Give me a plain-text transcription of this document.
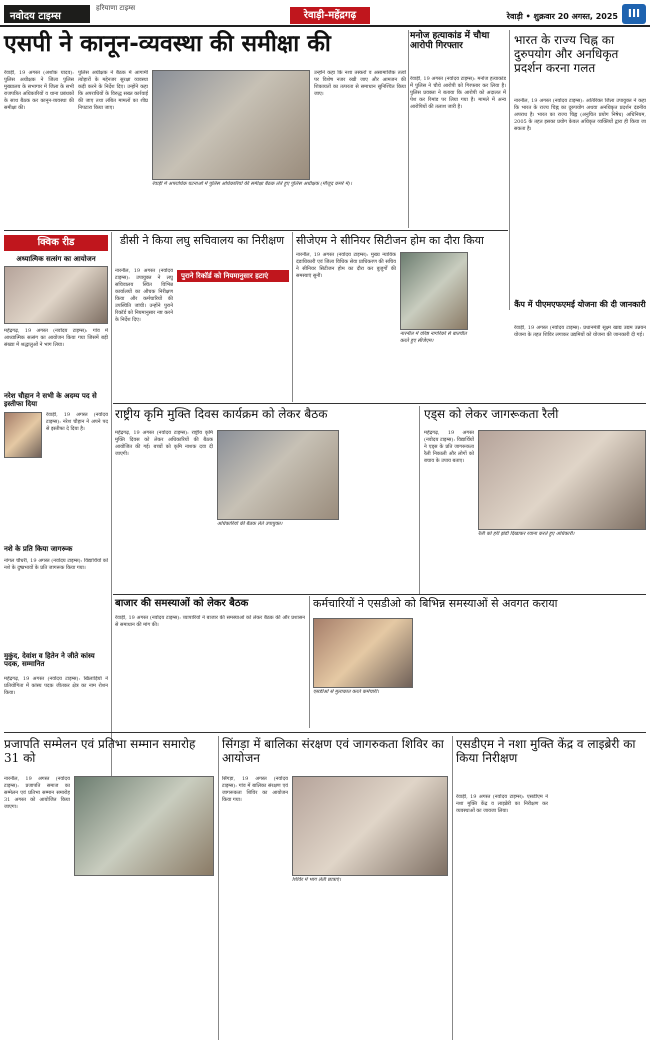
नवोदय टाइम्स
हरियाणा टाइम्स
रेवाड़ी-महेंद्रगढ़	रेवाड़ी • शुक्रवार 20 अगस्त, 2025 III
एसपी ने कानून-व्यवस्था की समीक्षा की
रेवाड़ी, 19 अगस्त (अशोक यादव): पुलिस अधीक्षक ने जिला पुलिस मुख्यालय के सभागार में जिला के सभी राजपत्रित अधिकारियों व थाना प्रबंधकों के साथ बैठक कर कानून-व्यवस्था की समीक्षा की।
पुलिस अधीक्षक ने बैठक में आगामी त्योहारों के मद्देनजर सुरक्षा व्यवस्था कड़ी करने के निर्देश दिए। उन्होंने कहा कि अपराधियों के विरुद्ध सख्त कार्रवाई की जाए तथा लंबित मामलों का शीघ्र निपटारा किया जाए।
रेवाड़ी में अपराधिक घटनाओं में पुलिस अधिकारियों की समीक्षा बैठक लेते हुए पुलिस अधीक्षक (मौजूद कमरे में)।
उन्होंने कहा कि नशा तस्करों व असामाजिक तत्वों पर विशेष नजर रखी जाए और आमजन की शिकायतों का तत्परता से समाधान सुनिश्चित किया जाए।
मनोज हत्याकांड में चौथा आरोपी गिरफ्तार
रेवाड़ी, 19 अगस्त (नवोदय टाइम्स): मनोज हत्याकांड में पुलिस ने चौथे आरोपी को गिरफ्तार कर लिया है। पुलिस प्रवक्ता ने बताया कि आरोपी को अदालत में पेश कर रिमांड पर लिया गया है। मामले में अन्य आरोपियों की तलाश जारी है।
भारत के राज्य चिह्न का दुरुपयोग और अनधिकृत प्रदर्शन करना गलत
नारनौल, 19 अगस्त (नवोदय टाइम्स): अतिरिक्त जिला उपायुक्त ने कहा कि भारत के राज्य चिह्न का दुरुपयोग अथवा अनधिकृत प्रदर्शन दंडनीय अपराध है। भारत का राज्य चिह्न (अनुचित प्रयोग निषेध) अधिनियम, 2005 के तहत इसका प्रयोग केवल अधिकृत व्यक्तियों द्वारा ही किया जा सकता है।
क्विक रीड
अध्यात्मिक सत्संग का आयोजन
महेंद्रगढ़, 19 अगस्त (नवोदय टाइम्स): गांव में आध्यात्मिक सत्संग का आयोजन किया गया जिसमें बड़ी संख्या में श्रद्धालुओं ने भाग लिया।
नरेश चौहान ने सभी के अदम्य पद से इस्तीफा दिया
रेवाड़ी, 19 अगस्त (नवोदय टाइम्स): नरेश चौहान ने अपने पद से इस्तीफा दे दिया है।
नशे के प्रति किया जागरूक
नांगल चौधरी, 19 अगस्त (नवोदय टाइम्स): विद्यार्थियों को नशे के दुष्प्रभावों के प्रति जागरूक किया गया।
मुकुंद, देवांश व हितेन ने जीते कांस्य पदक, सम्मानित
महेंद्रगढ़, 19 अगस्त (नवोदय टाइम्स): खिलाड़ियों ने प्रतियोगिता में कांस्य पदक जीतकर क्षेत्र का नाम रोशन किया।
डीसी ने किया लघु सचिवालय का निरीक्षण
नारनौल, 19 अगस्त (नवोदय टाइम्स): उपायुक्त ने लघु सचिवालय स्थित विभिन्न कार्यालयों का औचक निरीक्षण किया और कर्मचारियों की उपस्थिति जांची। उन्होंने पुराने रिकॉर्ड को नियमानुसार नष्ट करने के निर्देश दिए।
पुराने रिकॉर्ड को नियमानुसार हटाएं
सीजेएम ने सीनियर सिटीजन होम का दौरा किया
नारनौल, 19 अगस्त (नवोदय टाइम्स): मुख्य न्यायिक दंडाधिकारी एवं जिला विधिक सेवा प्राधिकरण की सचिव ने सीनियर सिटीजन होम का दौरा कर बुजुर्गों की समस्याएं सुनीं।
नारनौल में वरिष्ठ नागरिकों से बातचीत करते हुए सीजेएम।
कैंप में पीएमएफएमई योजना की दी जानकारी
रेवाड़ी, 19 अगस्त (नवोदय टाइम्स): प्रधानमंत्री सूक्ष्म खाद्य उद्यम उन्नयन योजना के तहत शिविर लगाकर उद्यमियों को योजना की जानकारी दी गई।
राष्ट्रीय कृमि मुक्ति दिवस कार्यक्रम को लेकर बैठक
महेंद्रगढ़, 19 अगस्त (नवोदय टाइम्स): राष्ट्रीय कृमि मुक्ति दिवस को लेकर अधिकारियों की बैठक आयोजित की गई। बच्चों को कृमि नाशक दवा दी जाएगी।
अधिकारियों की बैठक लेते उपायुक्त।
एड्स को लेकर जागरूकता रैली
महेंद्रगढ़, 19 अगस्त (नवोदय टाइम्स): विद्यार्थियों ने एड्स के प्रति जागरूकता रैली निकाली और लोगों को बचाव के उपाय बताए।
रैली को हरी झंडी दिखाकर रवाना करते हुए अधिकारी।
बाजार की समस्याओं को लेकर बैठक
रेवाड़ी, 19 अगस्त (नवोदय टाइम्स): व्यापारियों ने बाजार की समस्याओं को लेकर बैठक की और प्रशासन से समाधान की मांग की।
कर्मचारियों ने एसडीओ को बिभिन्न समस्याओं से अवगत कराया
एसडीओ से मुलाकात करते कर्मचारी।
प्रजापति सम्मेलन एवं प्रतिभा सम्मान समारोह 31 को
नारनौल, 19 अगस्त (नवोदय टाइम्स): प्रजापति समाज का सम्मेलन एवं प्रतिभा सम्मान समारोह 31 अगस्त को आयोजित किया जाएगा।
सिंगड़ा में बालिका संरक्षण एवं जागरुकता शिविर का आयोजन
सिंगड़ा, 19 अगस्त (नवोदय टाइम्स): गांव में बालिका संरक्षण एवं जागरूकता शिविर का आयोजन किया गया।
शिविर में भाग लेती छात्राएं।
एसडीएम ने नशा मुक्ति केंद्र व लाइब्रेरी का किया निरीक्षण
रेवाड़ी, 19 अगस्त (नवोदय टाइम्स): एसडीएम ने नशा मुक्ति केंद्र व लाइब्रेरी का निरीक्षण कर व्यवस्थाओं का जायजा लिया।
